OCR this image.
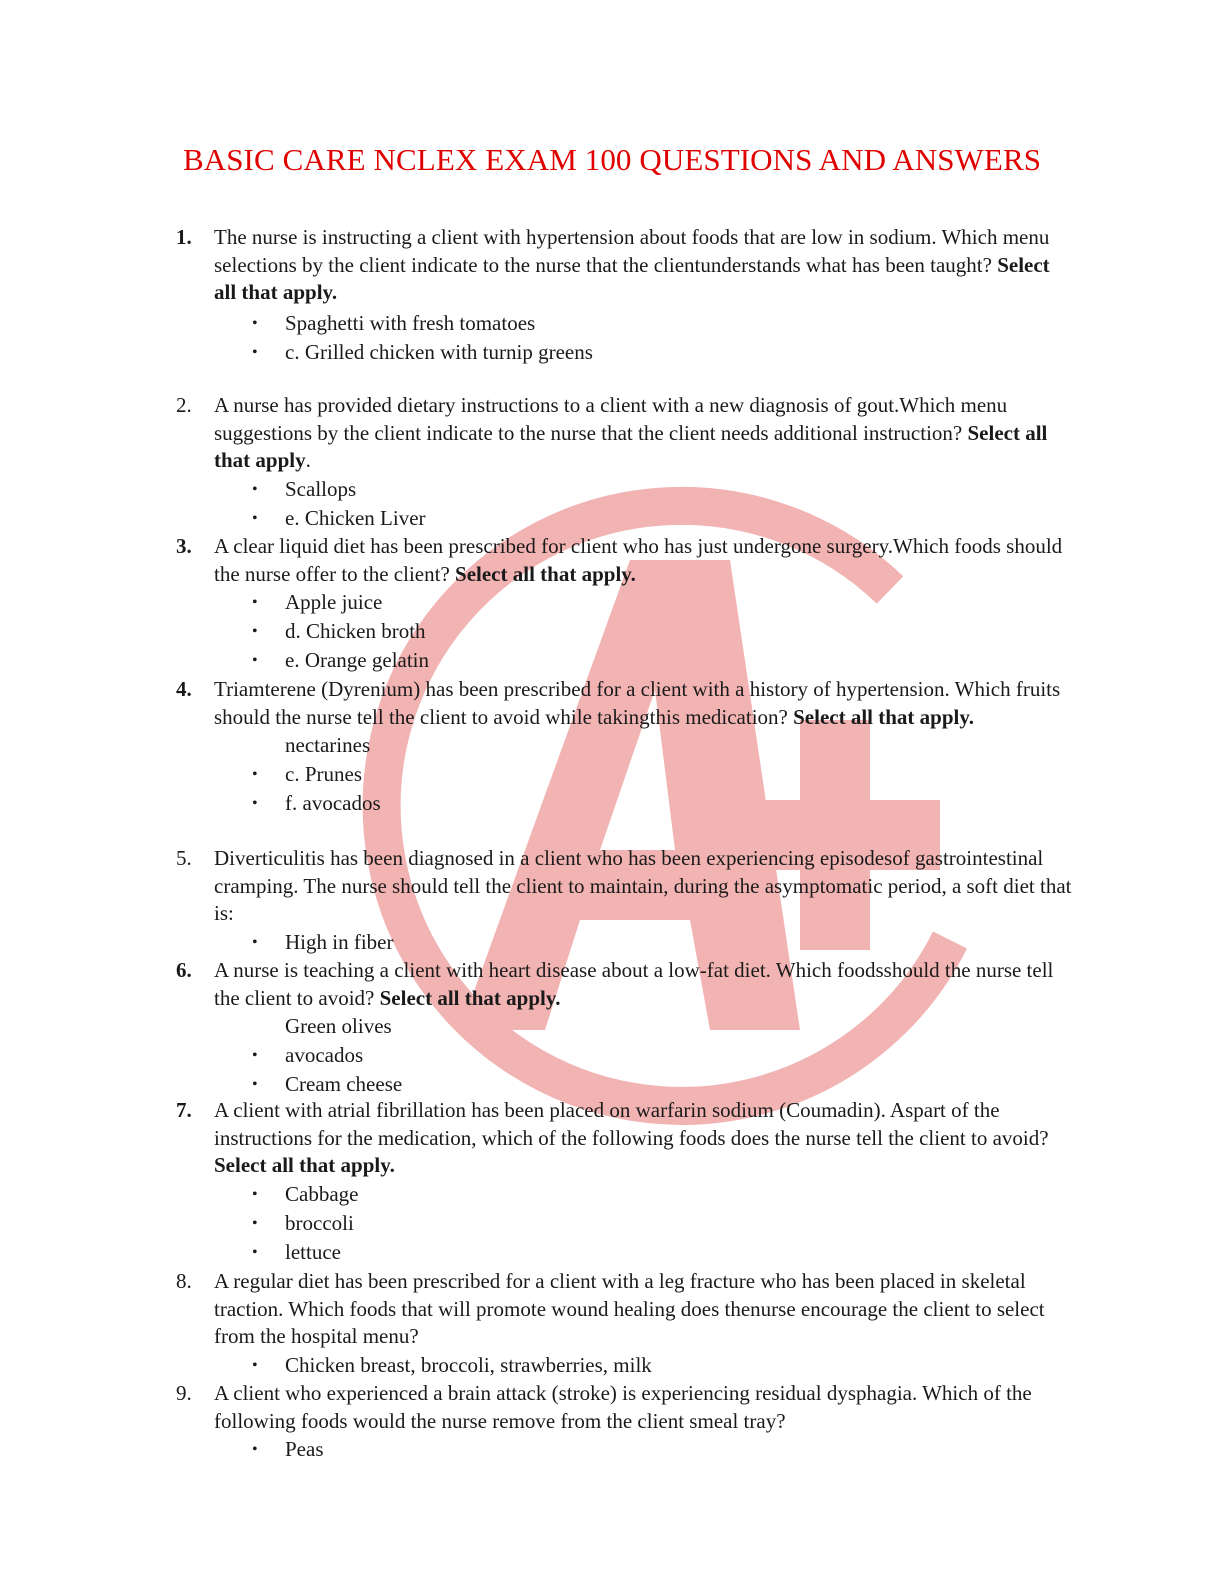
BASIC CARE NCLEX EXAM 100 QUESTIONS AND ANSWERS
1. The nurse is instructing a client with hypertension about foods that are low in sodium. Which menu selections by the client indicate to the nurse that the clientunderstands what has been taught? Select all that apply.
• Spaghetti with fresh tomatoes
• c. Grilled chicken with turnip greens
2. A nurse has provided dietary instructions to a client with a new diagnosis of gout.Which menu suggestions by the client indicate to the nurse that the client needs additional instruction? Select all that apply.
• Scallops
• e. Chicken Liver
3. A clear liquid diet has been prescribed for client who has just undergone surgery.Which foods should the nurse offer to the client? Select all that apply.
• Apple juice
• d. Chicken broth
• e. Orange gelatin
4. Triamterene (Dyrenium) has been prescribed for a client with a history of hypertension. Which fruits should the nurse tell the client to avoid while takingthis medication? Select all that apply.
nectarines
• c. Prunes
• f. avocados
5. Diverticulitis has been diagnosed in a client who has been experiencing episodesof gastrointestinal cramping. The nurse should tell the client to maintain, during the asymptomatic period, a soft diet that is:
• High in fiber
6. A nurse is teaching a client with heart disease about a low-fat diet. Which foodsshould the nurse tell the client to avoid? Select all that apply.
Green olives
• avocados
• Cream cheese
7. A client with atrial fibrillation has been placed on warfarin sodium (Coumadin). Aspart of the instructions for the medication, which of the following foods does the nurse tell the client to avoid? Select all that apply.
• Cabbage
• broccoli
• lettuce
8. A regular diet has been prescribed for a client with a leg fracture who has been placed in skeletal traction. Which foods that will promote wound healing does thenurse encourage the client to select from the hospital menu?
• Chicken breast, broccoli, strawberries, milk
9. A client who experienced a brain attack (stroke) is experiencing residual dysphagia. Which of the following foods would the nurse remove from the client smeal tray?
• Peas
